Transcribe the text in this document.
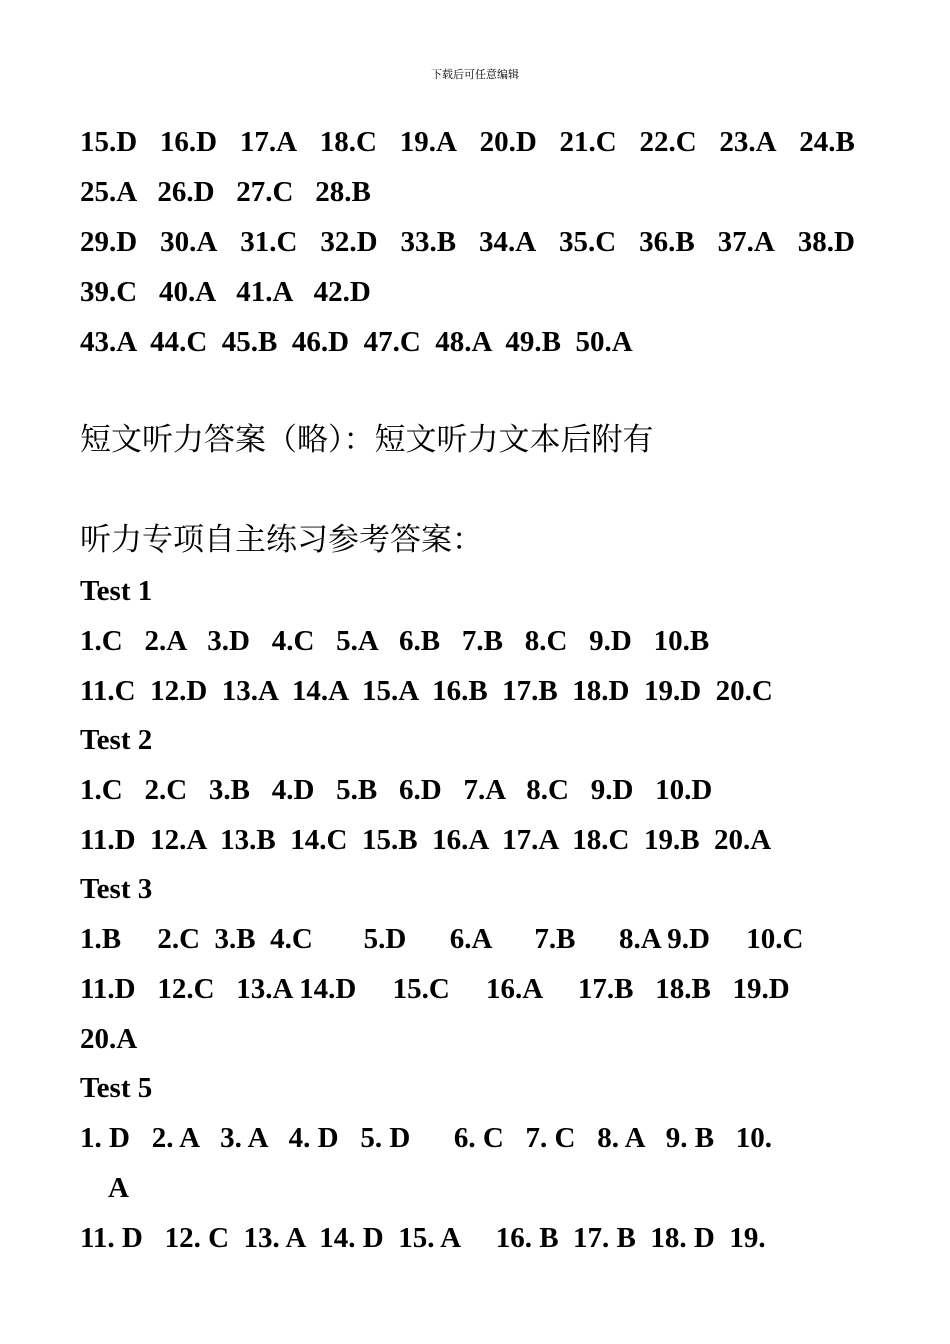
下载后可任意编辑
15.D 16.D 17.A 18.C 19.A 20.D 21.C 22.C 23.A 24.B
25.A   26.D   27.C   28.B
29.D 30.A 31.C 32.D 33.B 34.A 35.C 36.B 37.A 38.D
39.C   40.A   41.A   42.D
43.A  44.C  45.B  46.D  47.C  48.A  49.B  50.A
短文听力答案（略）：短文听力文本后附有
听力专项自主练习参考答案：
Test 1
1.C   2.A   3.D   4.C   5.A   6.B   7.B   8.C   9.D   10.B
11.C  12.D  13.A  14.A  15.A  16.B  17.B  18.D  19.D  20.C
Test 2
1.C   2.C   3.B   4.D   5.B   6.D   7.A   8.C   9.D   10.D
11.D  12.A  13.B  14.C  15.B  16.A  17.A  18.C  19.B  20.A
Test 3
1.B     2.C  3.B  4.C       5.D      6.A      7.B      8.A 9.D     10.C
11.D   12.C   13.A 14.D     15.C     16.A     17.B   18.B   19.D
20.A
Test 5
1. D   2. A   3. A   4. D   5. D      6. C   7. C   8. A   9. B   10.
A
11. D   12. C  13. A  14. D  15. A     16. B  17. B  18. D  19.
